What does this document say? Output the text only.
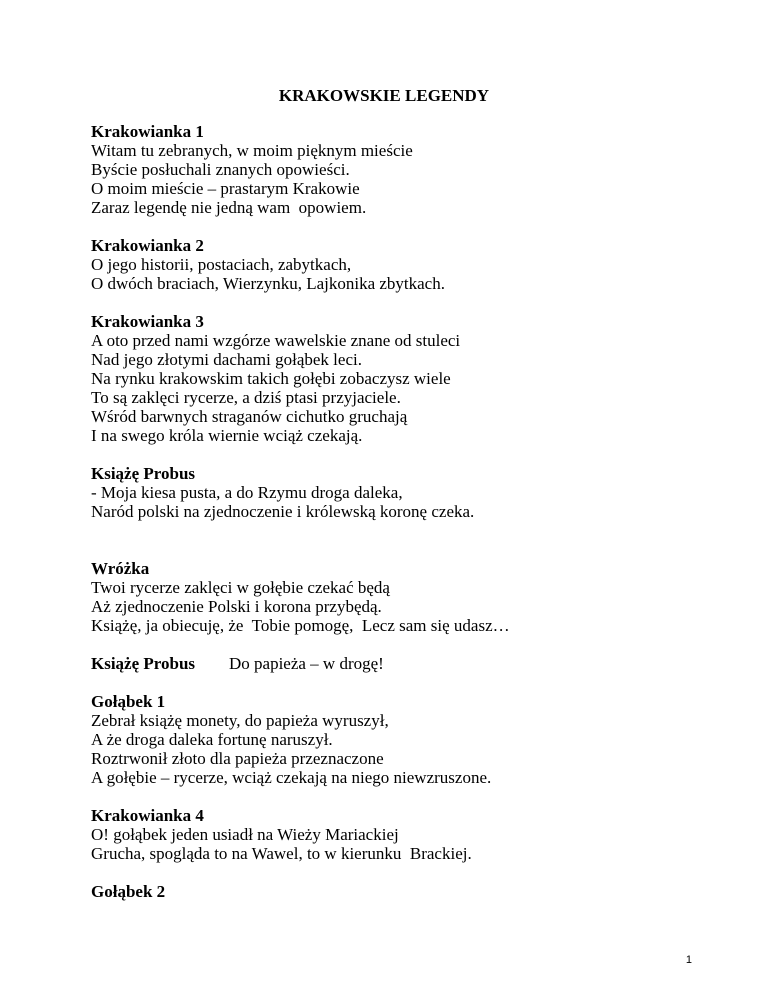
KRAKOWSKIE LEGENDY
Krakowianka 1
Witam tu zebranych, w moim pięknym mieście
Byście posłuchali znanych opowieści.
O moim mieście – prastarym Krakowie
Zaraz legendę nie jedną wam  opowiem.
Krakowianka 2
O jego historii, postaciach, zabytkach,
O dwóch braciach, Wierzynku, Lajkonika zbytkach.
Krakowianka 3
A oto przed nami wzgórze wawelskie znane od stuleci
Nad jego złotymi dachami gołąbek leci.
Na rynku krakowskim takich gołębi zobaczysz wiele
To są zaklęci rycerze, a dziś ptasi przyjaciele.
Wśród barwnych straganów cichutko gruchają
I na swego króla wiernie wciąż czekają.
Książę Probus
- Moja kiesa pusta, a do Rzymu droga daleka,
Naród polski na zjednoczenie i królewską koronę czeka.
Wróżka
Twoi rycerze zaklęci w gołębie czekać będą
Aż zjednoczenie Polski i korona przybędą.
Książę, ja obiecuję, że  Tobie pomogę,  Lecz sam się udasz…
Książę Probus Do papieża – w drogę!
Gołąbek 1
Zebrał książę monety, do papieża wyruszył,
A że droga daleka fortunę naruszył.
Roztrwonił złoto dla papieża przeznaczone
A gołębie – rycerze, wciąż czekają na niego niewzruszone.
Krakowianka 4
O! gołąbek jeden usiadł na Wieży Mariackiej
Grucha, spogląda to na Wawel, to w kierunku  Brackiej.
Gołąbek 2
1
